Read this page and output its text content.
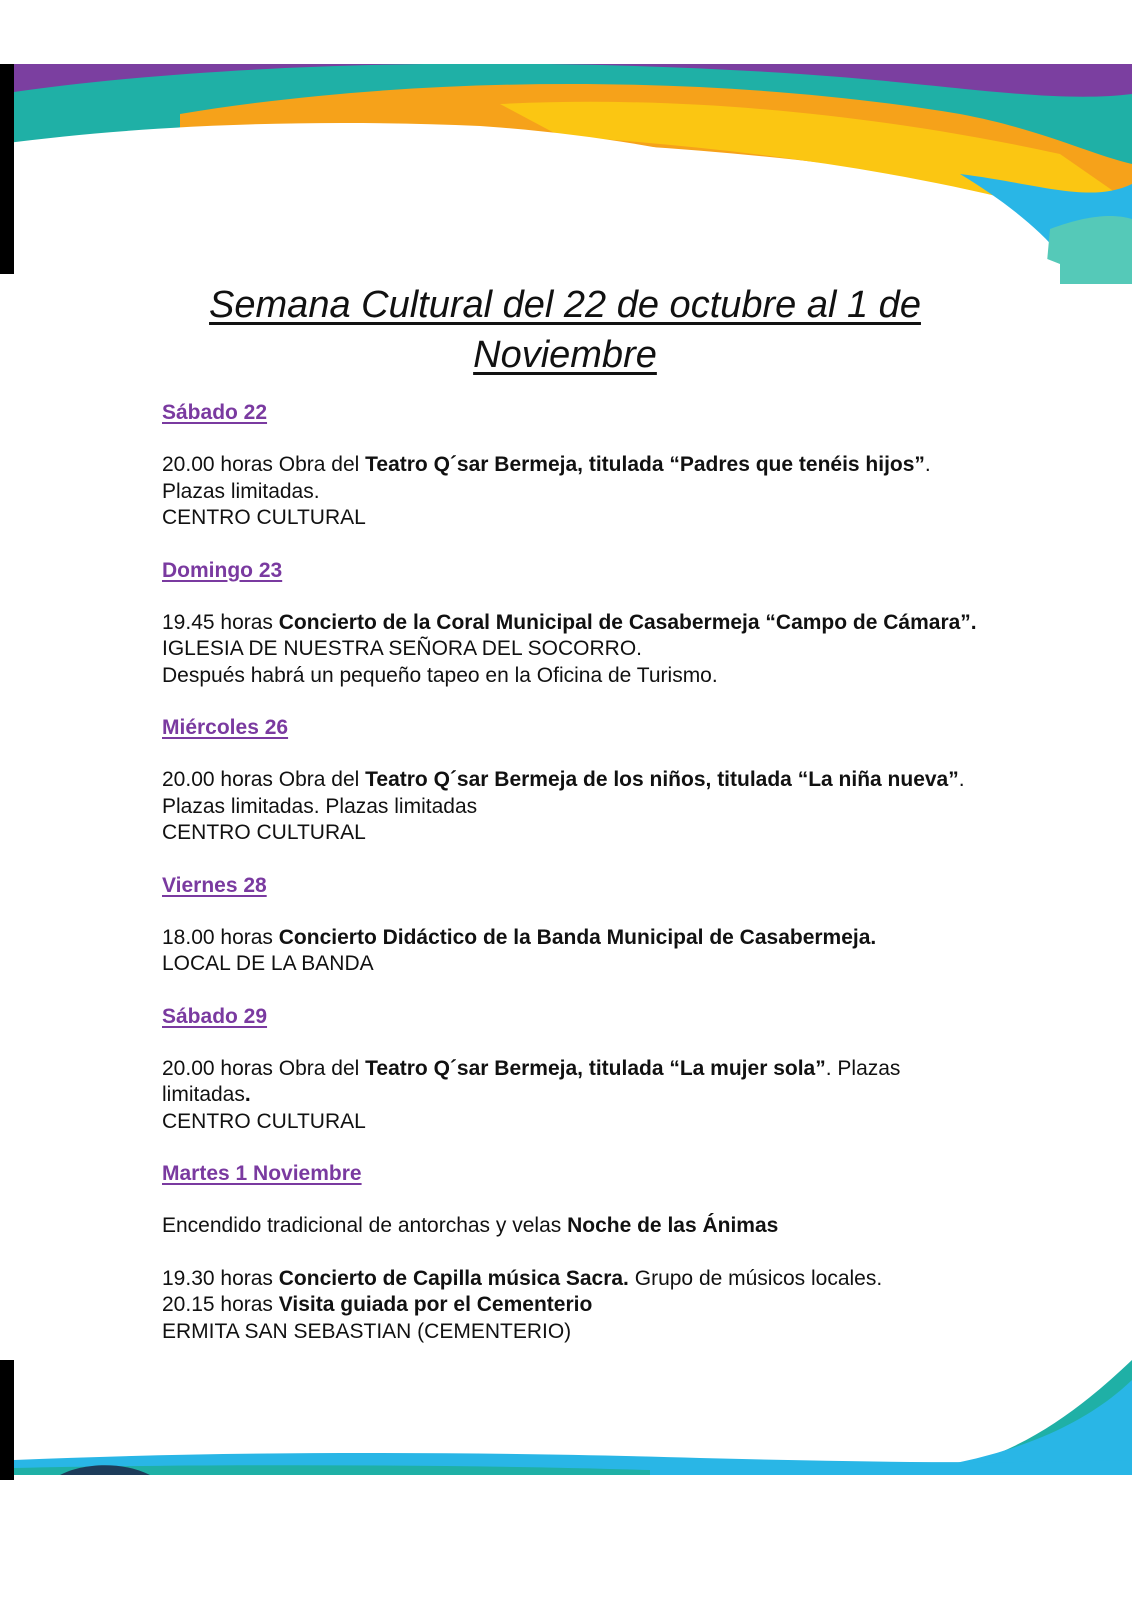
Semana Cultural del 22 de octubre al 1 de Noviembre
Sábado 22

20.00 horas Obra del Teatro Q´sar Bermeja, titulada “Padres que tenéis hijos”. Plazas limitadas.

CENTRO CULTURAL

Domingo 23

19.45 horas Concierto de la Coral Municipal de Casabermeja “Campo de Cámara”.

IGLESIA DE NUESTRA SEÑORA DEL SOCORRO.

Después habrá un pequeño tapeo en la Oficina de Turismo.

Miércoles 26

20.00 horas Obra del Teatro Q´sar Bermeja de los niños, titulada “La niña nueva”. Plazas limitadas. Plazas limitadas

CENTRO CULTURAL

Viernes 28

18.00 horas Concierto Didáctico de la Banda Municipal de Casabermeja.

LOCAL DE LA BANDA

Sábado 29

20.00 horas Obra del Teatro Q´sar Bermeja, titulada “La mujer sola”. Plazas limitadas.

CENTRO CULTURAL

Martes 1 Noviembre

Encendido tradicional de antorchas y velas Noche de las Ánimas

19.30 horas Concierto de Capilla música Sacra. Grupo de músicos locales.

20.15 horas Visita guiada por el Cementerio

ERMITA SAN SEBASTIAN (CEMENTERIO)
